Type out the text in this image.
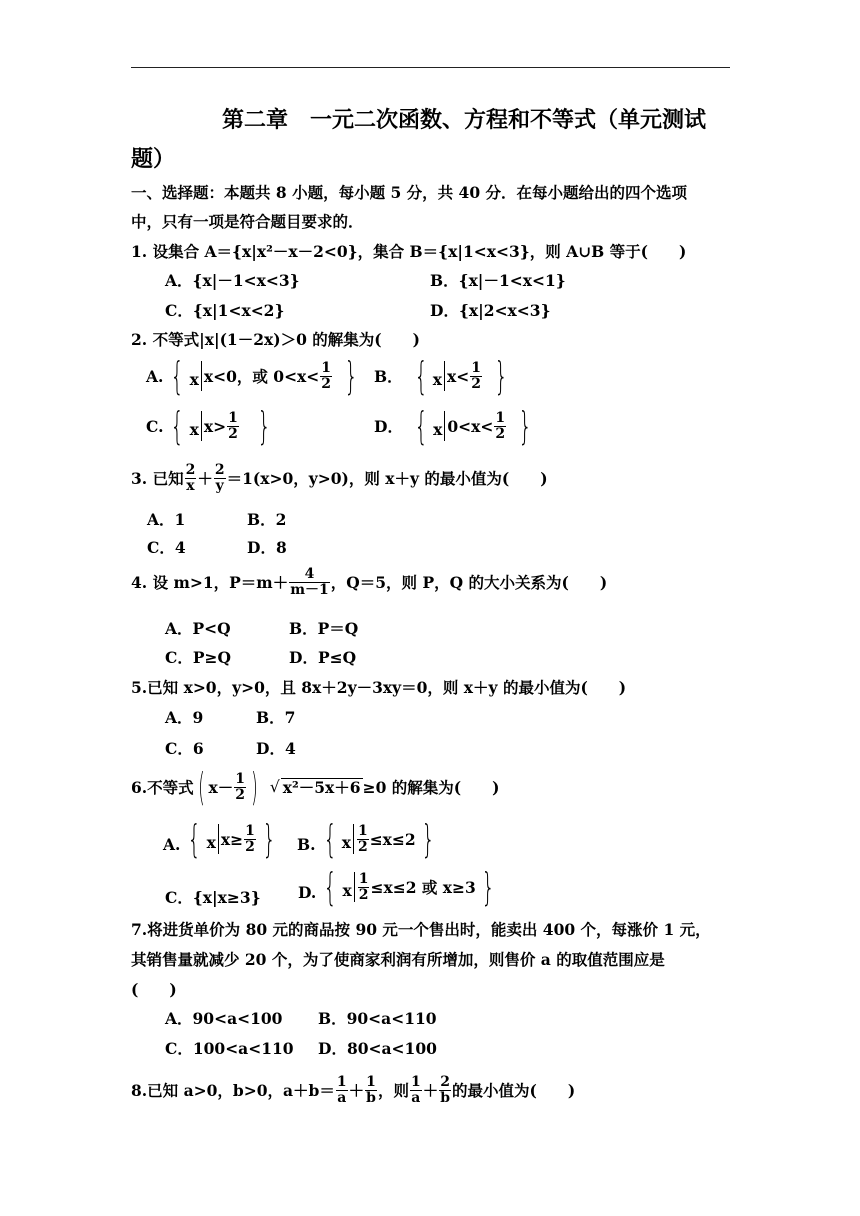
第二章　一元二次函数、方程和不等式（单元测试
题）
一、选择题：本题共 8 小题，每小题 5 分，共 40 分．在每小题给出的四个选项
中，只有一项是符合题目要求的．
1. 设集合 A＝{x|x²－x－2<0}，集合 B＝{x|1<x<3}，则 A∪B 等于(　　)
A．{x|－1<x<3}	B．{x|－1<x<1}
C．{x|1<x<2}	D．{x|2<x<3}
2. 不等式|x|(1－2x)＞0 的解集为(　　)
A. { x x<0，或 $0<x< \frac{1}{2}$ } B． { x $x< \frac{1}{2}$ }
C. { x $x> \frac{1}{2}$ }	D． { x $0<x< \frac{1}{2}$ }
3. 已知 $\frac{2}{x} + \frac{2}{y} =1(x>0$，y>0)，则 x＋y 的最小值为(　　)
A．1	B．2
C．4	D．8
4. 设 m>1，$P=m+ \frac{4}{m-1}$ ，Q＝5，则 P，Q 的大小关系为(　　)
A．P<Q	B．P＝Q
C．P≥Q	D．P≤Q
5.已知 x>0，y>0，且 8x＋2y－3xy＝0，则 x＋y 的最小值为(　　)
A．9	B．7
C．6	D．4
6.不等式 ( $x- \frac{1}{2}$ ) √ x²－5x＋6 ≥0 的解集为(　　)
A. { x $x\ge \frac{1}{2}$ } B. { x $\frac{1}{2} \le x\le 2$ }
C．{x|x≥3} D. { x $\frac{1}{2} \le x\le 2$ 或 x≥3 }
7.将进货单价为 80 元的商品按 90 元一个售出时，能卖出 400 个，每涨价 1 元，
其销售量就减少 20 个，为了使商家利润有所增加，则售价 a 的取值范围应是
(　　)
A．90<a<100 B．90<a<110
C．100<a<110 D．80<a<100
8.已知 a>0，b>0，$a+b= \frac{1}{a} + \frac{1}{b}$ ，则 $\frac{1}{a} + \frac{2}{b}$ 的最小值为(　　)
